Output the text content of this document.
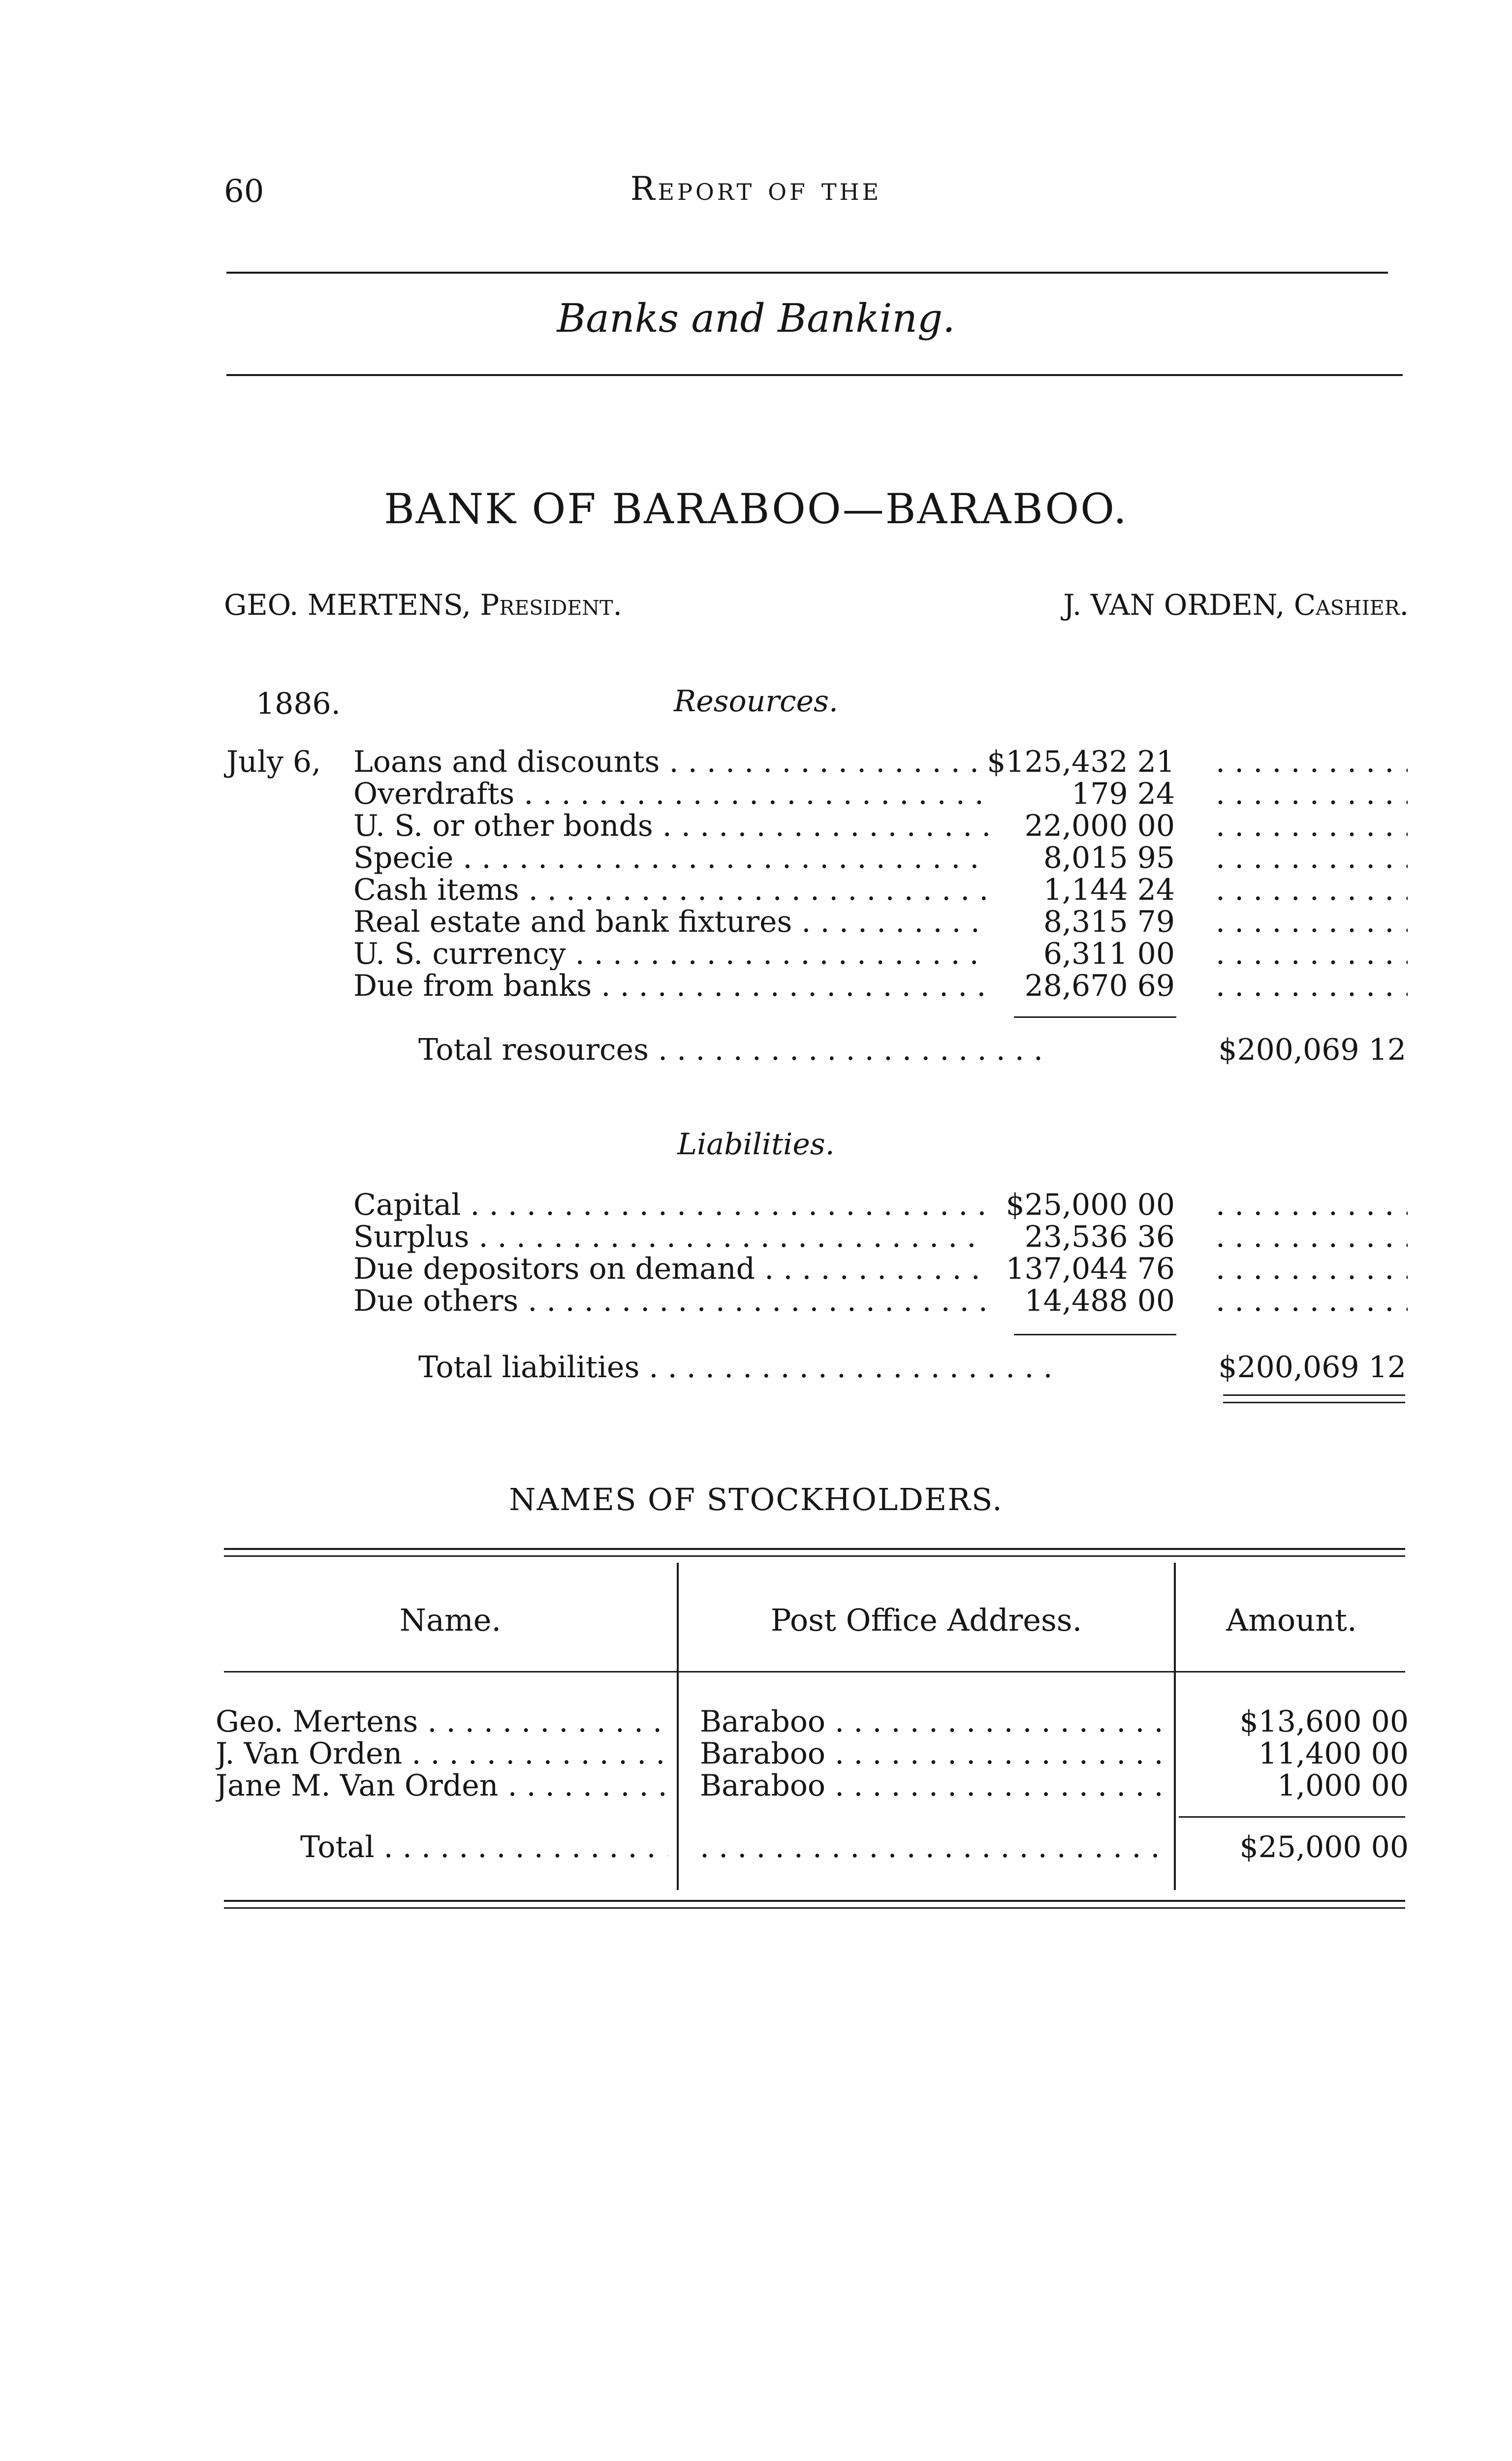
60	Report of the
Banks and Banking.
BANK OF BARABOO—BARABOO.
GEO. MERTENS, President.	J. VAN ORDEN, Cashier.
1886.	Resources.
July 6, Loans and discounts . . .	$125,432 21
. . .
Overdrafts . . .	179 24
. . .
U. S. or other bonds . . .	22,000 00
. . .
Specie . . .	8,015 95
. . .
Cash items . . .	1,144 24
. . .
Real estate and bank fixtures . . .	8,315 79
. . .
U. S. currency . . .	6,311 00
. . .
Due from banks . . .	28,670 69
. . .
Total resources . . .	$200,069 12
Liabilities.
Capital . . .	$25,000 00
. . .
Surplus . . .	23,536 36
. . .
Due depositors on demand . . .	137,044 76
. . .
Due others . . .	14,488 00
. . .
Total liabilities . . .	$200,069 12
NAMES OF STOCKHOLDERS.
Name.	Post Office Address.	Amount.
Geo. Mertens . . .	Baraboo . . .	$13,600 00
J. Van Orden . . .	Baraboo . . .	11,400 00
Jane M. Van Orden . . .	Baraboo . . .	1,000 00
Total . . .
. . .	$25,000 00
